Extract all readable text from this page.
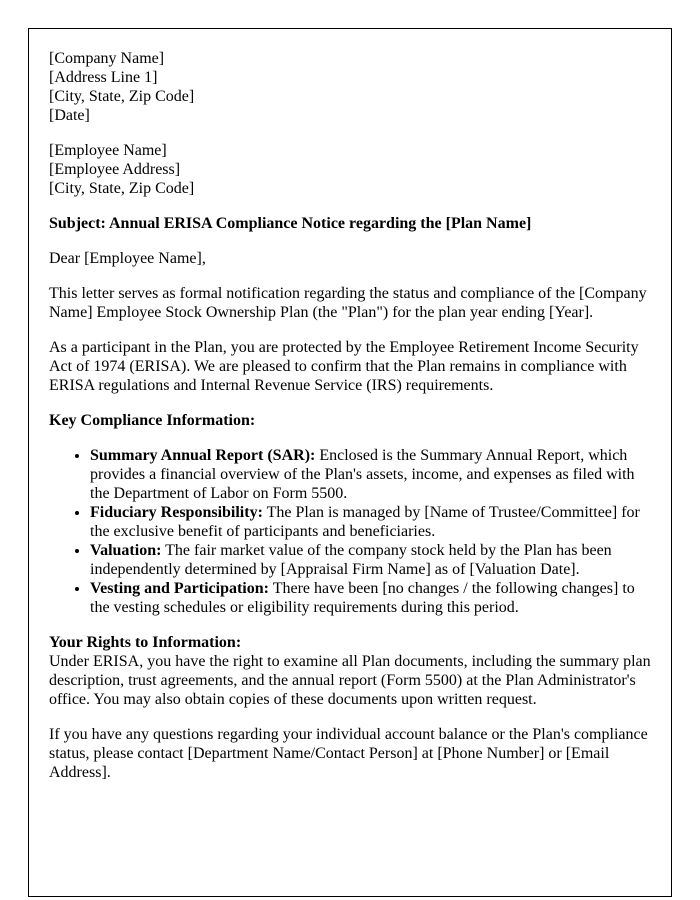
[Company Name]
[Address Line 1]
[City, State, Zip Code]
[Date]

[Employee Name]
[Employee Address]
[City, State, Zip Code]

Subject: Annual ERISA Compliance Notice regarding the [Plan Name]

Dear [Employee Name],

This letter serves as formal notification regarding the status and compliance of the [Company Name] Employee Stock Ownership Plan (the "Plan") for the plan year ending [Year].

As a participant in the Plan, you are protected by the Employee Retirement Income Security Act of 1974 (ERISA). We are pleased to confirm that the Plan remains in compliance with ERISA regulations and Internal Revenue Service (IRS) requirements.

Key Compliance Information:

• Summary Annual Report (SAR): Enclosed is the Summary Annual Report, which provides a financial overview of the Plan's assets, income, and expenses as filed with the Department of Labor on Form 5500.
• Fiduciary Responsibility: The Plan is managed by [Name of Trustee/Committee] for the exclusive benefit of participants and beneficiaries.
• Valuation: The fair market value of the company stock held by the Plan has been independently determined by [Appraisal Firm Name] as of [Valuation Date].
• Vesting and Participation: There have been [no changes / the following changes] to the vesting schedules or eligibility requirements during this period.

Your Rights to Information:
Under ERISA, you have the right to examine all Plan documents, including the summary plan description, trust agreements, and the annual report (Form 5500) at the Plan Administrator's office. You may also obtain copies of these documents upon written request.

If you have any questions regarding your individual account balance or the Plan's compliance status, please contact [Department Name/Contact Person] at [Phone Number] or [Email Address].
